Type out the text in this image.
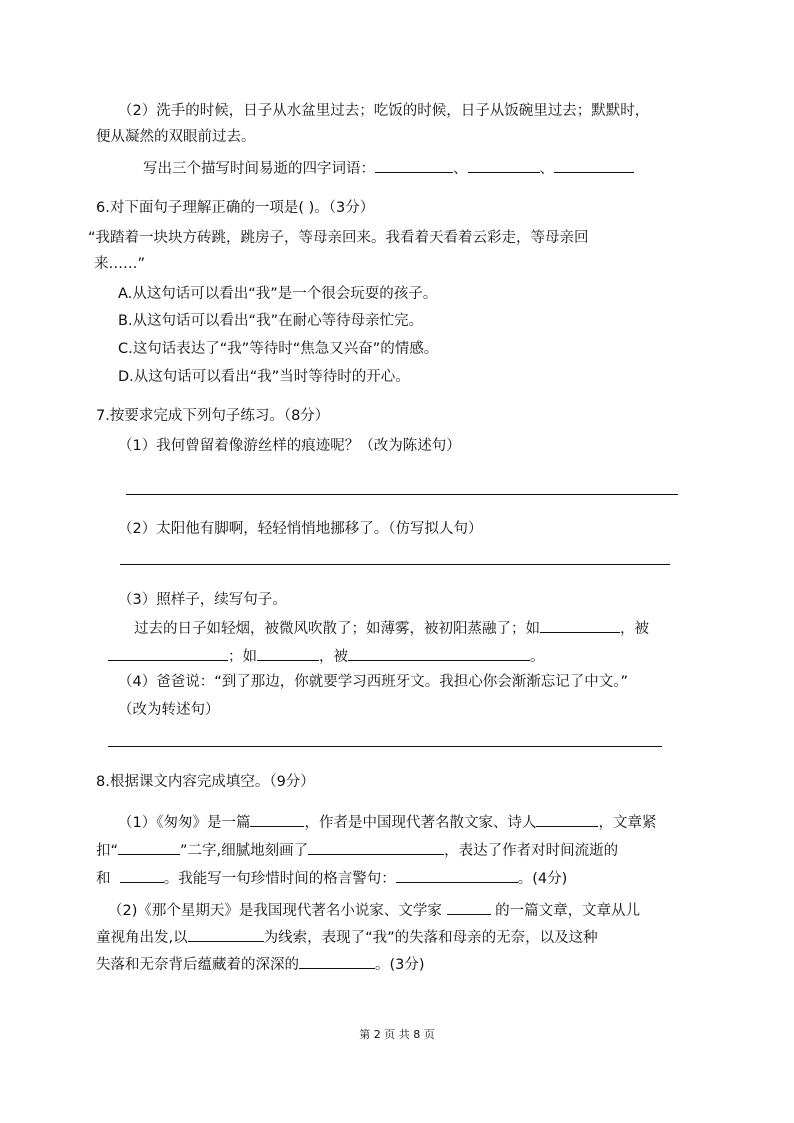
（2）洗手的时候，日子从水盆里过去；吃饭的时候，日子从饭碗里过去；默默时，
便从凝然的双眼前过去。
写出三个描写时间易逝的四字词语：	、	、
6.对下面句子理解正确的一项是( )。（3分）
“我踏着一块块方砖跳，跳房子，等母亲回来。我看着天看着云彩走，等母亲回
来……”
A.从这句话可以看出“我”是一个很会玩耍的孩子。
B.从这句话可以看出“我”在耐心等待母亲忙完。
C.这句话表达了“我”等待时“焦急又兴奋”的情感。
D.从这句话可以看出“我”当时等待时的开心。
7.按要求完成下列句子练习。（8分）
（1）我何曾留着像游丝样的痕迹呢？（改为陈述句）
（2）太阳他有脚啊，轻轻悄悄地挪移了。（仿写拟人句）
（3）照样子，续写句子。
过去的日子如轻烟，被微风吹散了；如薄雾，被初阳蒸融了；如	，被
；如	，被	。
（4）爸爸说：“到了那边，你就要学习西班牙文。我担心你会渐渐忘记了中文。”
（改为转述句）
8.根据课文内容完成填空。（9分）
（1）《匆匆》是一篇	，作者是中国现代著名散文家、诗人	，文章紧
扣“	”二字,细腻地刻画了	，表达了作者对时间流逝的
和	。我能写一句珍惜时间的格言警句：	。(4分)
（2)《那个星期天》是我国现代著名小说家、文学家	的一篇文章，文章从儿
童视角出发,以	为线索，表现了“我”的失落和母亲的无奈，以及这种
失落和无奈背后蕴藏着的深深的	。(3分)
第 2 页 共 8 页
